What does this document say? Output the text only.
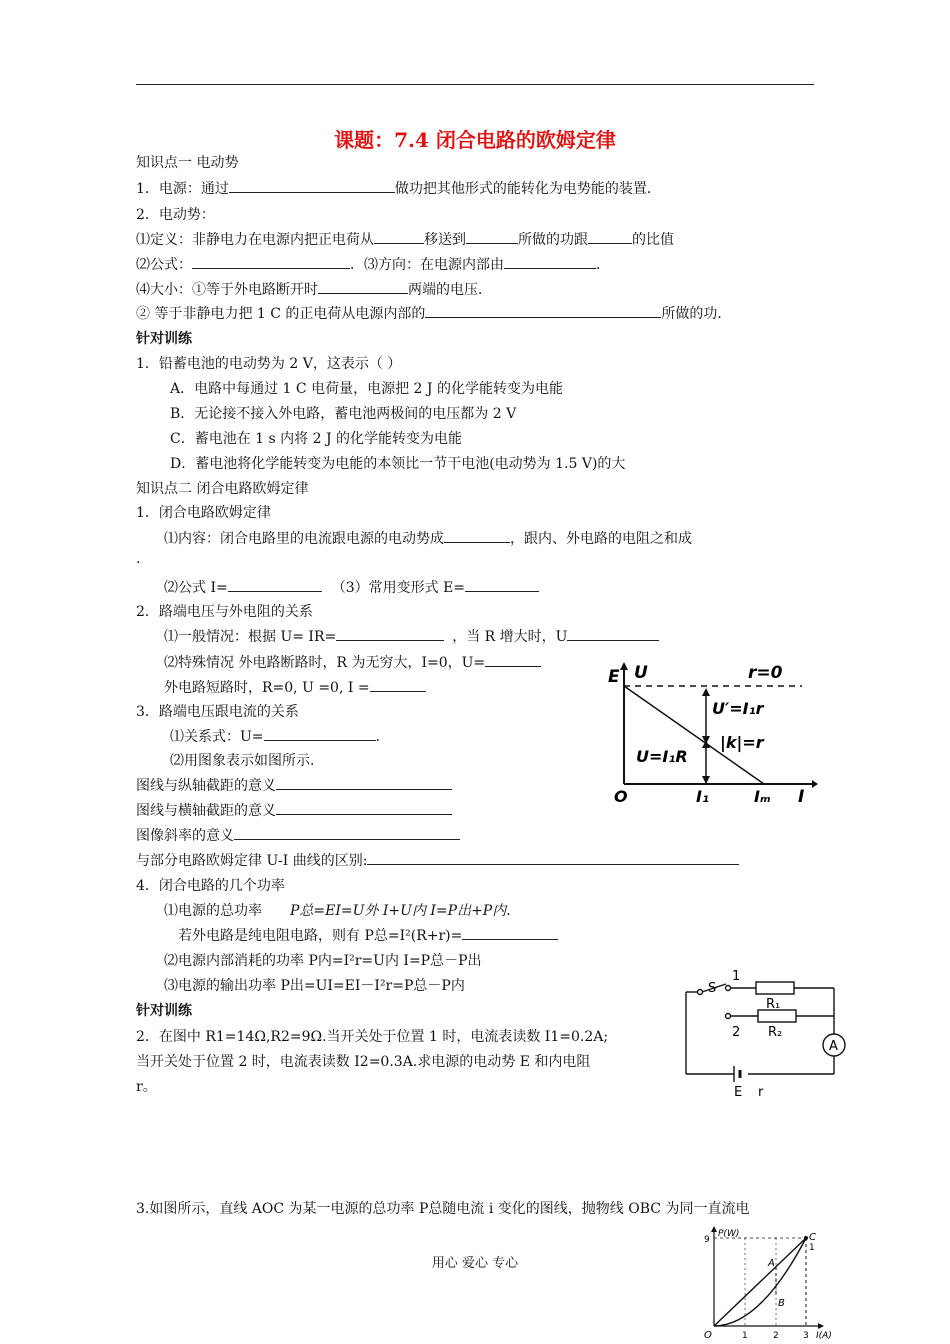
课题：7.4 闭合电路的欧姆定律
知识点一 电动势
1．电源：通过	做功把其他形式的能转化为电势能的装置．
2．电动势：
⑴定义：非静电力在电源内把正电荷从	移送到	所做的功跟	的比值
⑵公式：	．⑶方向：在电源内部由	．
⑷大小：①等于外电路断开时	两端的电压．
② 等于非静电力把 1 C 的正电荷从电源内部的	所做的功．
针对训练
1．铅蓄电池的电动势为 2 V，这表示（ ）
A．电路中每通过 1 C 电荷量，电源把 2 J 的化学能转变为电能
B．无论接不接入外电路，蓄电池两极间的电压都为 2 V
C．蓄电池在 1 s 内将 2 J 的化学能转变为电能
D．蓄电池将化学能转变为电能的本领比一节干电池(电动势为 1.5 V)的大
知识点二 闭合电路欧姆定律
1．闭合电路欧姆定律
⑴内容：闭合电路里的电流跟电源的电动势成	，跟内、外电路的电阻之和成
.
⑵公式 I=	（3）常用变形式 E=
2．路端电压与外电阻的关系
⑴一般情况：根据 U= IR=	，当 R 增大时，U
⑵特殊情况 外电路断路时，R 为无穷大，I=0，U=
外电路短路时，R=0, U =0, I =
3．路端电压跟电流的关系
⑴关系式：U=	.
⑵用图象表示如图所示.
图线与纵轴截距的意义
图线与横轴截距的意义
图像斜率的意义
与部分电路欧姆定律 U-I 曲线的区别:
4．闭合电路的几个功率
⑴电源的总功率 P总=EI=U外 I+U内 I=P出+P内.
若外电路是纯电阻电路，则有 P总=I²(R+r)=
⑵电源内部消耗的功率 P内=I²r=U内 I=P总－P出
⑶电源的输出功率 P出=UI=EI－I²r=P总－P内
针对训练
2．在图中 R1=14Ω,R2=9Ω.当开关处于位置 1 时，电流表读数 I1=0.2A;
当开关处于位置 2 时，电流表读数 I2=0.3A.求电源的电动势 E 和内电阻
r。
3.如图所示，直线 AOC 为某一电源的总功率 P总随电流 i 变化的图线，抛物线 OBC 为同一直流电
E U	r=0
U′=I₁r
|k|=r
U=I₁R
O	I₁	Iₘ I
S
1
2
R₁
R₂
A
E r
P(W)
9	C
1
A
B
O	1	2	3 I(A)
用心 爱心 专心
